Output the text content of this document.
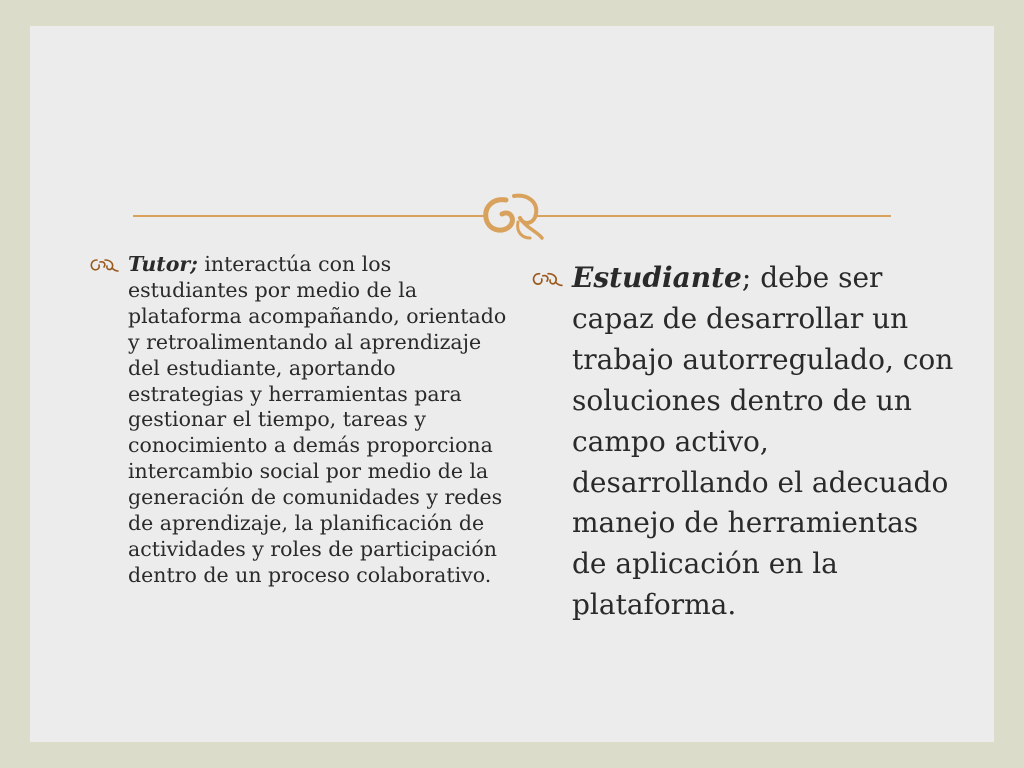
Tutor; interactúa con los estudiantes por medio de la plataforma acompañando, orientado y retroalimentando al aprendizaje del estudiante, aportando estrategias y herramientas para gestionar el tiempo, tareas y conocimiento a demás proporciona intercambio social por medio de la generación de comunidades y redes de aprendizaje, la planificación de actividades y roles de participación dentro de un proceso colaborativo.
Estudiante; debe ser capaz de desarrollar un trabajo autorregulado, con soluciones dentro de un campo activo, desarrollando el adecuado manejo de herramientas de aplicación en la plataforma.
